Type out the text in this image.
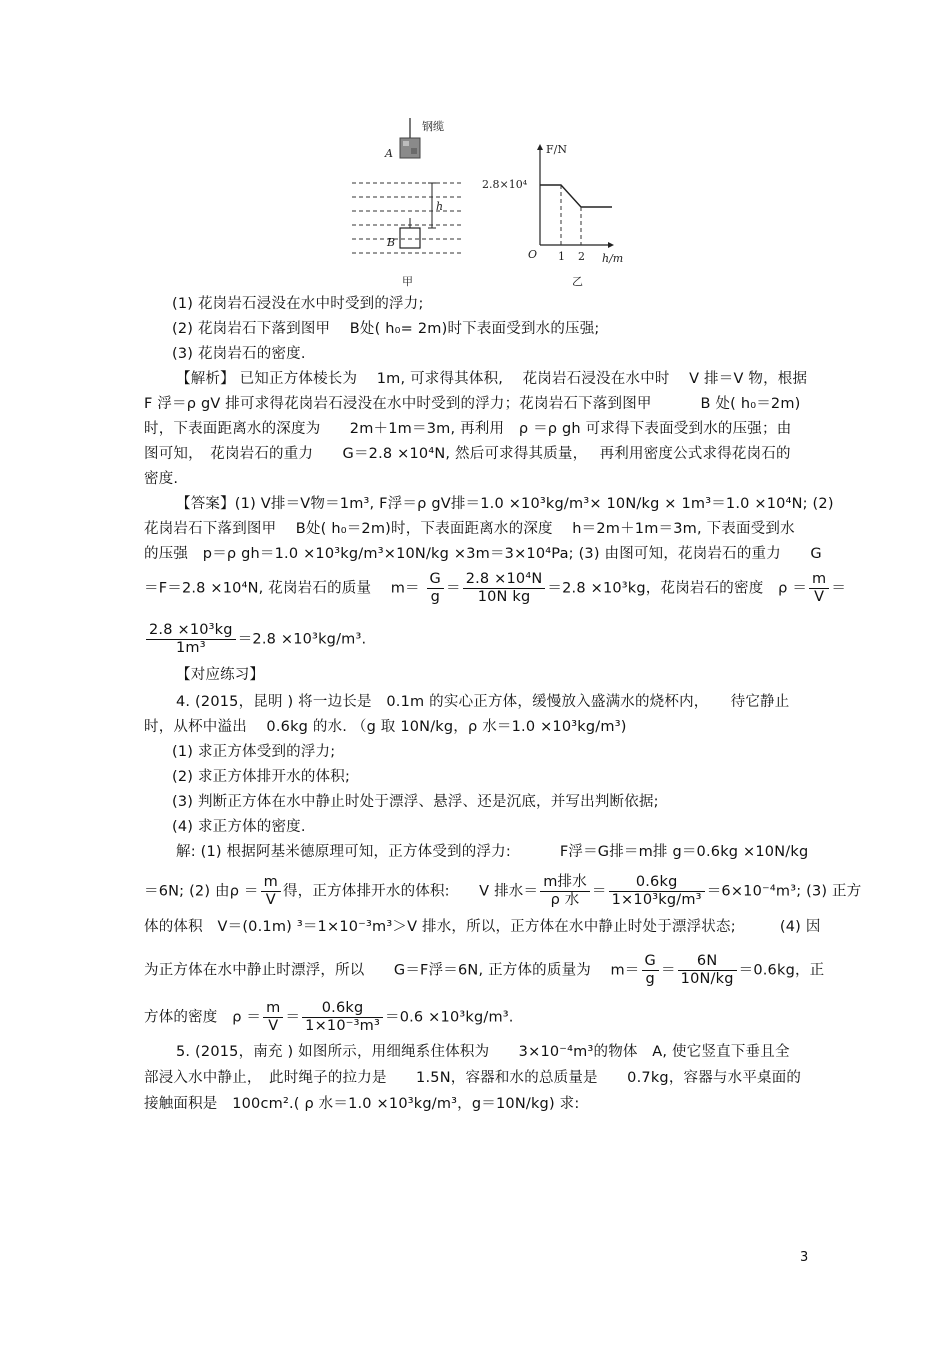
钢缆
A
h
B
甲
F/N
2.8×10⁴
O 1 2 h/m
乙
(1) 花岗岩石浸没在水中时受到的浮力;
(2) 花岗岩石下落到图甲　 B处( h₀= 2m)时下表面受到水的压强;
(3) 花岗岩石的密度.
【解析】 已知正方体棱长为　 1m, 可求得其体积,　 花岗岩石浸没在水中时　 V 排＝V 物，根据
F 浮＝ρ gV 排可求得花岗岩石浸没在水中时受到的浮力；花岗岩石下落到图甲　　　 B 处( h₀＝2m)
时，下表面距离水的深度为　　2m＋1m＝3m, 再利用　ρ ＝ρ gh 可求得下表面受到水的压强；由
图可知，　花岗岩石的重力　　G＝2.8 ×10⁴N, 然后可求得其质量，　 再利用密度公式求得花岗石的
密度.
【答案】(1) V排＝V物＝1m³, F浮＝ρ gV排＝1.0 ×10³kg/m³× 10N/kg × 1m³＝1.0 ×10⁴N; (2)
花岗岩石下落到图甲　 B处( h₀＝2m)时，下表面距离水的深度　 h＝2m＋1m＝3m, 下表面受到水
的压强　p＝ρ gh＝1.0 ×10³kg/m³×10N/kg ×3m＝3×10⁴Pa; (3) 由图可知，花岗岩石的重力　　G
＝F＝2.8 ×10⁴N, 花岗岩石的质量　 $m= \frac{G}{g} = \frac{\text{2.8 ×10⁴N}}{\text{10N kg}} =2.8 \times 10^3kg$，花岗岩石的密度　$\rho = \frac{m}{V}$ ＝
$\frac{\text{2.8 ×10³kg}}{\text{1m³}} =2.8 \times 10^3kg/m^3$.
【对应练习】
4. (2015，昆明 ) 将一边长是　0.1m 的实心正方体，缓慢放入盛满水的烧杯内，　　待它静止
时，从杯中溢出　 0.6kg 的水. （g 取 10N/kg，ρ 水＝1.0 ×10³kg/m³)
(1) 求正方体受到的浮力;
(2) 求正方体排开水的体积;
(3) 判断正方体在水中静止时处于漂浮、悬浮、还是沉底，并写出判断依据;
(4) 求正方体的密度.
解: (1) 根据阿基米德原理可知，正方体受到的浮力:　　　 F浮＝G排＝m排 g＝0.6kg ×10N/kg
＝6N; (2) 由$\rho = \frac{m}{V}$ 得，正方体排开水的体积:　　V 排水＝ $\frac{\text{m排水}}{\text{ρ 水}} = \frac{0.6kg}{\text{1×10³kg/m³}} =6\times 10^{-4}m^3$; (3) 正方
体的体积　V＝(0.1m) ³＝1×10⁻³m³＞V 排水，所以，正方体在水中静止时处于漂浮状态;　　　(4) 因
为正方体在水中静止时漂浮，所以　　G＝F浮＝6N, 正方体的质量为　 $m= \frac{G}{g} = \frac{6N}{10N/kg} =0.6kg$，正
方体的密度　$\rho = \frac{m}{V} = \frac{0.6kg}{\text{1×10⁻³m³}} =0.6 \times 10^3kg/m^3$.
5. (2015，南充 ) 如图所示，用细绳系住体积为　　3×10⁻⁴m³的物体　A, 使它竖直下垂且全
部浸入水中静止，　此时绳子的拉力是　　1.5N，容器和水的总质量是　　0.7kg，容器与水平桌面的
接触面积是　100cm².( ρ 水＝1.0 ×10³kg/m³，g＝10N/kg) 求:
3
